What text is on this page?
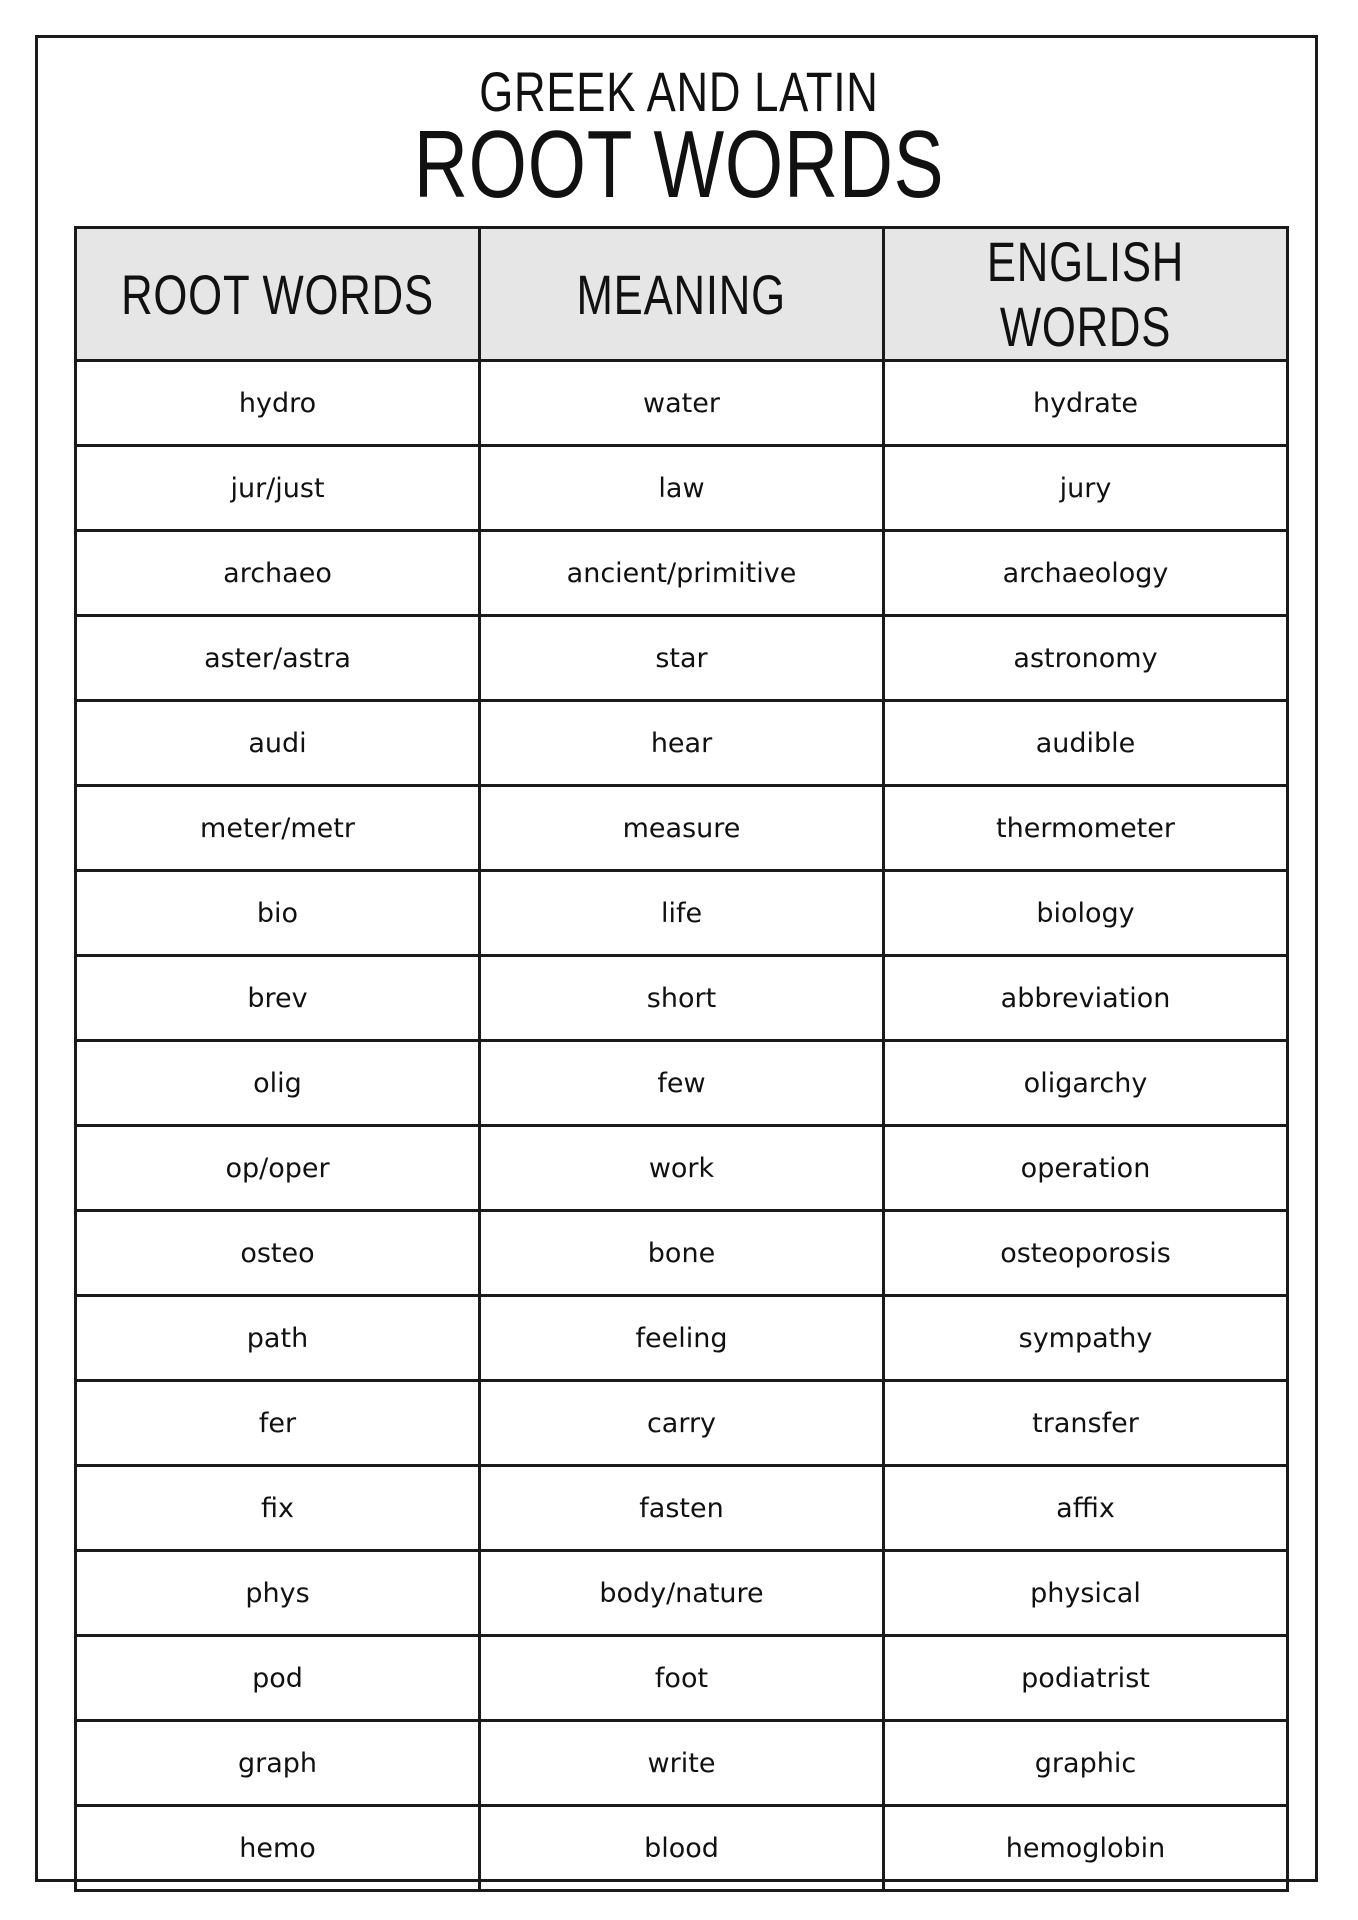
GREEK AND LATIN
ROOT WORDS
ROOT WORDS	MEANING	ENGLISH WORDS
hydro	water	hydrate
jur/just	law	jury
archaeo	ancient/primitive	archaeology
aster/astra	star	astronomy
audi	hear	audible
meter/metr	measure	thermometer
bio	life	biology
brev	short	abbreviation
olig	few	oligarchy
op/oper	work	operation
osteo	bone	osteoporosis
path	feeling	sympathy
fer	carry	transfer
fix	fasten	affix
phys	body/nature	physical
pod	foot	podiatrist
graph	write	graphic
hemo	blood	hemoglobin
